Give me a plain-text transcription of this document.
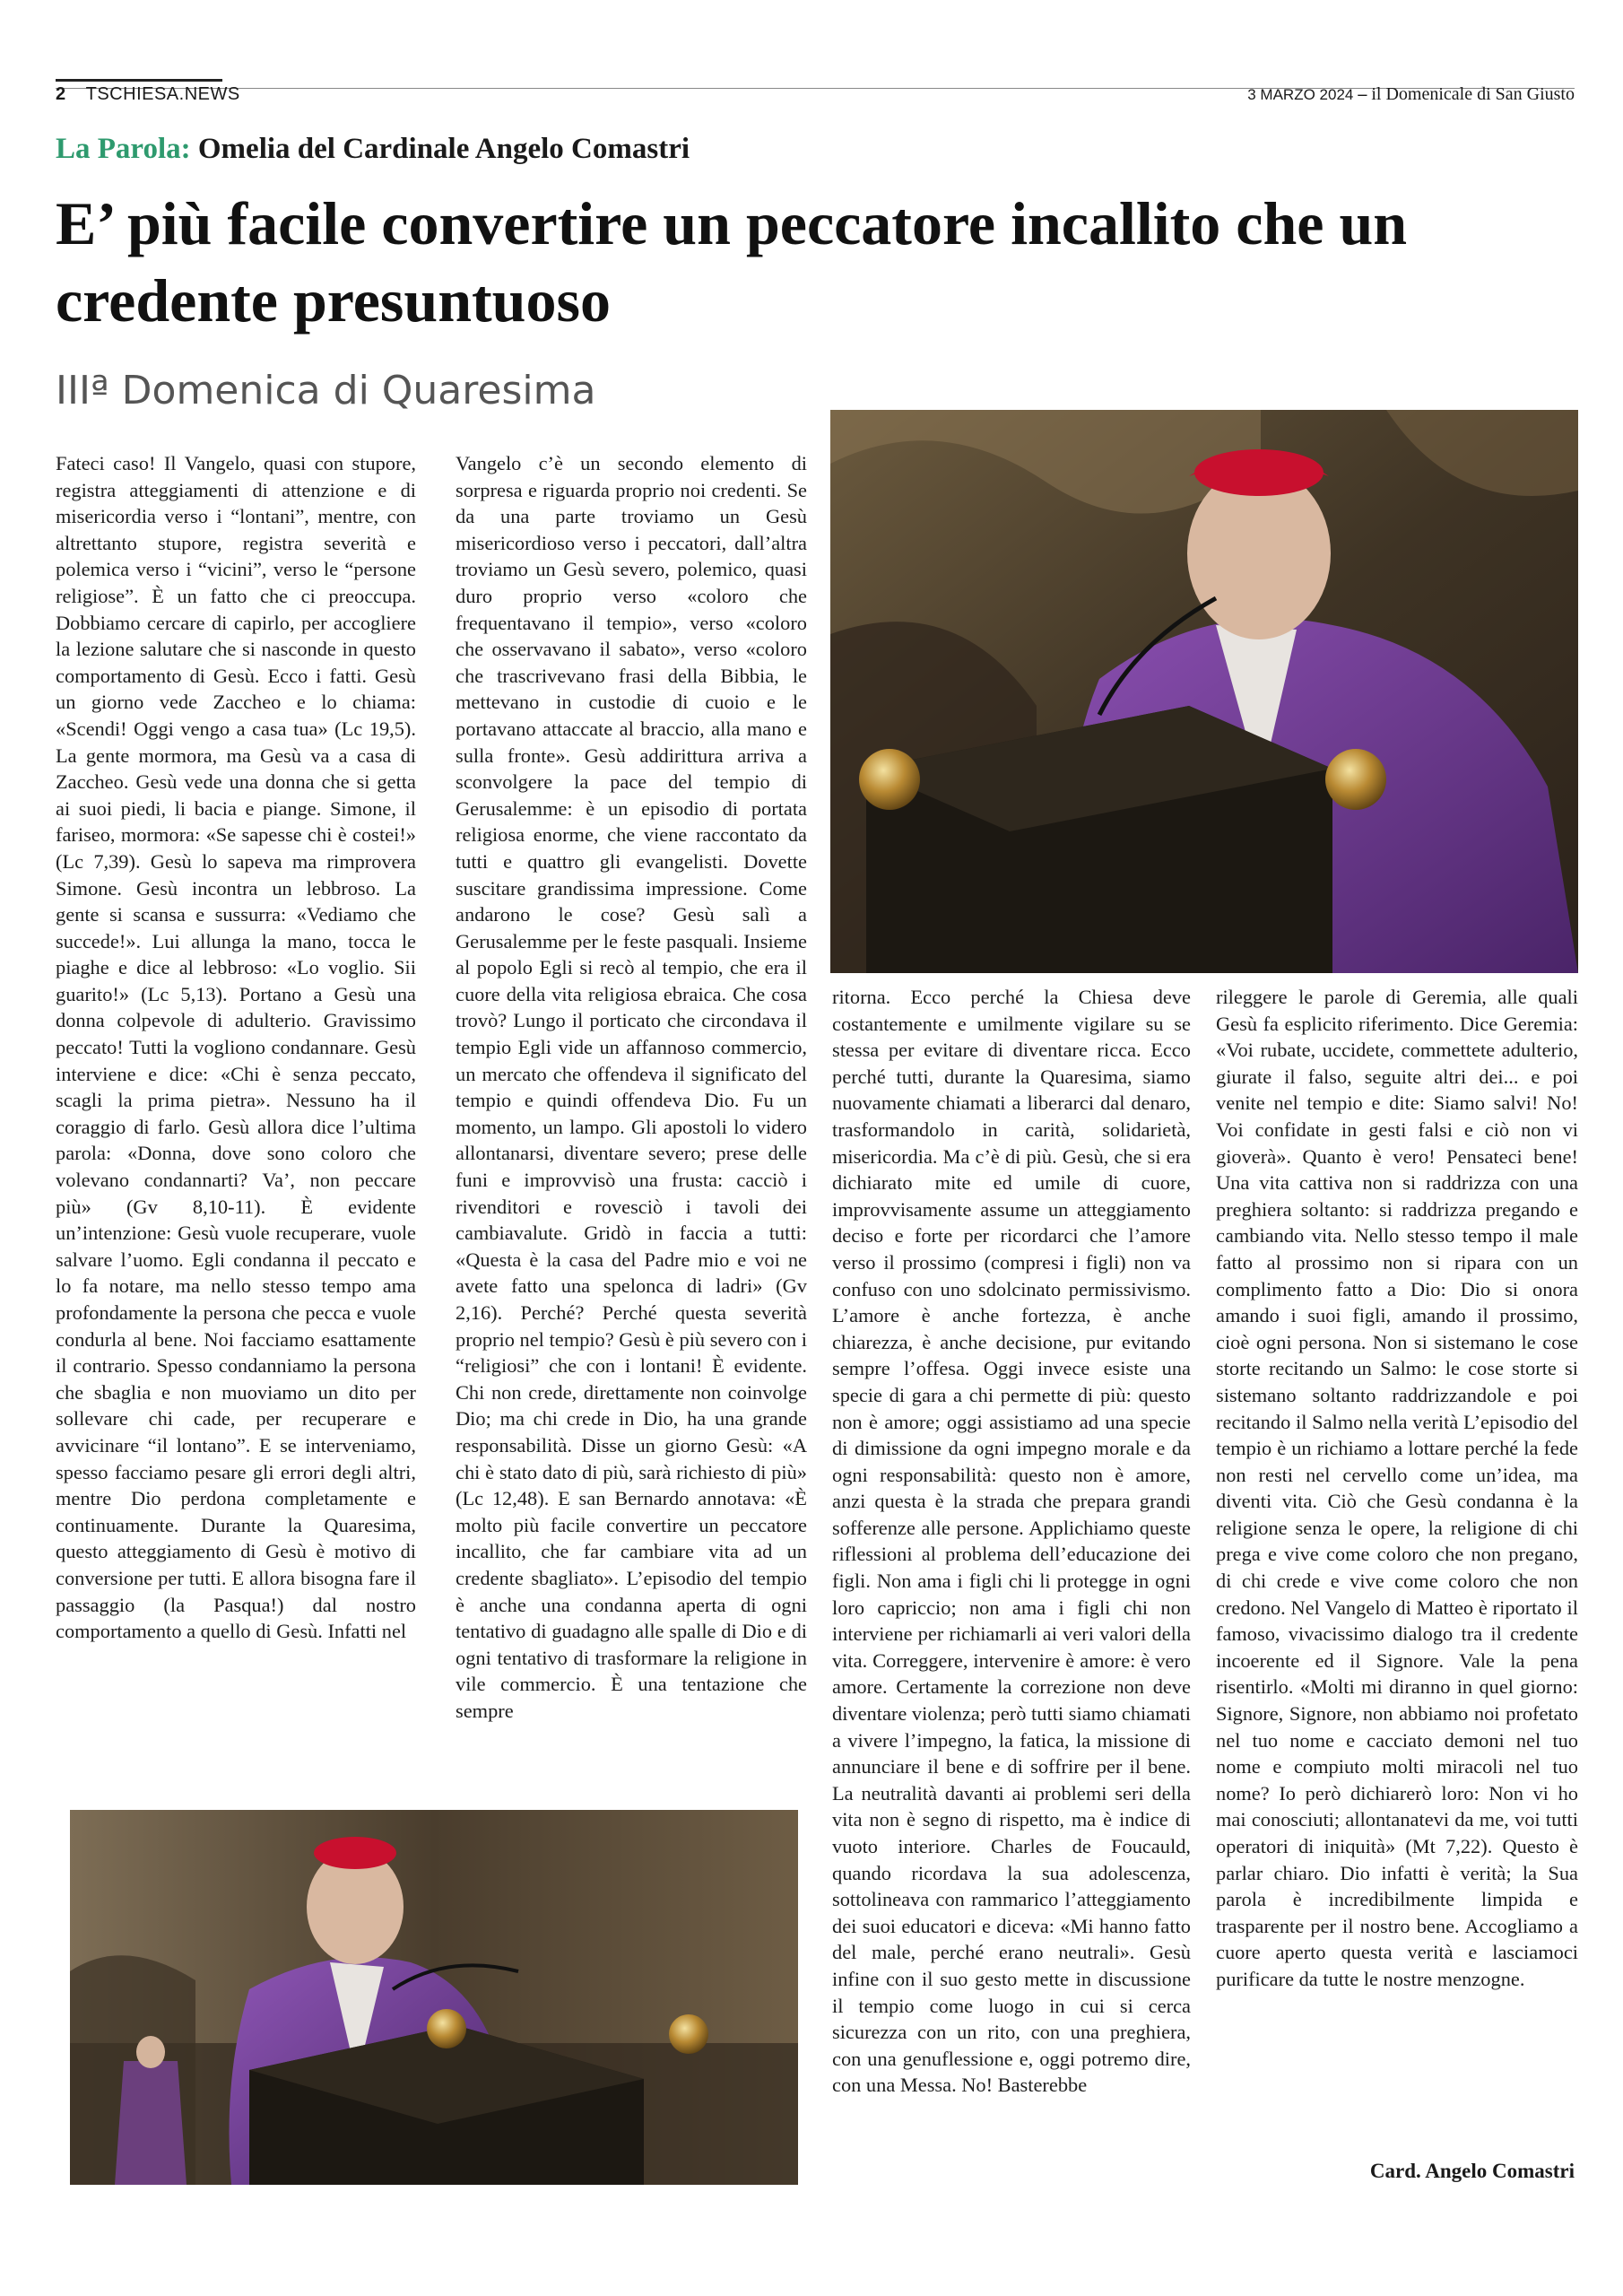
2 TSCHIESA.NEWS	3 MARZO 2024 – il Domenicale di San Giusto
La Parola: Omelia del Cardinale Angelo Comastri
E’ più facile convertire un peccatore incallito che un credente presuntuoso
IIIª Domenica di Quaresima

Fateci caso! Il Vangelo, quasi con stupore, registra atteggiamenti di attenzione e di misericordia verso i “lontani”, mentre, con altrettanto stupore, registra severità e polemica verso i “vicini”, verso le “persone religiose”. È un fatto che ci preoccupa. Dobbiamo cercare di capirlo, per accogliere la lezione salutare che si nasconde in questo comportamento di Gesù. Ecco i fatti. Gesù un giorno vede Zaccheo e lo chiama: «Scendi! Oggi vengo a casa tua» (Lc 19,5). La gente mormora, ma Gesù va a casa di Zaccheo. Gesù vede una donna che si getta ai suoi piedi, li bacia e piange. Simone, il fariseo, mormora: «Se sapesse chi è costei!» (Lc 7,39). Gesù lo sapeva ma rimprovera Simone. Gesù incontra un lebbroso. La gente si scansa e sussurra: «Vediamo che succede!». Lui allunga la mano, tocca le piaghe e dice al lebbroso: «Lo voglio. Sii guarito!» (Lc 5,13). Portano a Gesù una donna colpevole di adulterio. Gravissimo peccato! Tutti la vogliono condannare. Gesù interviene e dice: «Chi è senza peccato, scagli la prima pietra». Nessuno ha il coraggio di farlo. Gesù allora dice l’ultima parola: «Donna, dove sono coloro che volevano condannarti? Va’, non peccare più» (Gv 8,10-11). È evidente un’intenzione: Gesù vuole recuperare, vuole salvare l’uomo. Egli condanna il peccato e lo fa notare, ma nello stesso tempo ama profondamente la persona che pecca e vuole condurla al bene. Noi facciamo esattamente il contrario. Spesso condanniamo la persona che sbaglia e non muoviamo un dito per sollevare chi cade, per recuperare e avvicinare “il lontano”. E se interveniamo, spesso facciamo pesare gli errori degli altri, mentre Dio perdona completamente e continuamente. Durante la Quaresima, questo atteggiamento di Gesù è motivo di conversione per tutti. E allora bisogna fare il passaggio (la Pasqua!) dal nostro comportamento a quello di Gesù. Infatti nel

Vangelo c’è un secondo elemento di sorpresa e riguarda proprio noi credenti. Se da una parte troviamo un Gesù misericordioso verso i peccatori, dall’altra troviamo un Gesù severo, polemico, quasi duro proprio verso «coloro che frequentavano il tempio», verso «coloro che osservavano il sabato», verso «coloro che trascrivevano frasi della Bibbia, le mettevano in custodie di cuoio e le portavano attaccate al braccio, alla mano e sulla fronte». Gesù addirittura arriva a sconvolgere la pace del tempio di Gerusalemme: è un episodio di portata religiosa enorme, che viene raccontato da tutti e quattro gli evangelisti. Dovette suscitare grandissima impressione. Come andarono le cose? Gesù salì a Gerusalemme per le feste pasquali. Insieme al popolo Egli si recò al tempio, che era il cuore della vita religiosa ebraica. Che cosa trovò? Lungo il porticato che circondava il tempio Egli vide un affannoso commercio, un mercato che offendeva il significato del tempio e quindi offendeva Dio. Fu un momento, un lampo. Gli apostoli lo videro allontanarsi, diventare severo; prese delle funi e improvvisò una frusta: cacciò i rivenditori e rovesciò i tavoli dei cambiavalute. Gridò in faccia a tutti: «Questa è la casa del Padre mio e voi ne avete fatto una spelonca di ladri» (Gv 2,16). Perché? Perché questa severità proprio nel tempio? Gesù è più severo con i “religiosi” che con i lontani! È evidente. Chi non crede, direttamente non coinvolge Dio; ma chi crede in Dio, ha una grande responsabilità. Disse un giorno Gesù: «A chi è stato dato di più, sarà richiesto di più» (Lc 12,48). E san Bernardo annotava: «È molto più facile convertire un peccatore incallito, che far cambiare vita ad un credente sbagliato». L’episodio del tempio è anche una condanna aperta di ogni tentativo di guadagno alle spalle di Dio e di ogni tentativo di trasformare la religione in vile commercio. È una tentazione che sempre

ritorna. Ecco perché la Chiesa deve costantemente e umilmente vigilare su se stessa per evitare di diventare ricca. Ecco perché tutti, durante la Quaresima, siamo nuovamente chiamati a liberarci dal denaro, trasformandolo in carità, solidarietà, misericordia. Ma c’è di più. Gesù, che si era dichiarato mite ed umile di cuore, improvvisamente assume un atteggiamento deciso e forte per ricordarci che l’amore verso il prossimo (compresi i figli) non va confuso con uno sdolcinato permissivismo. L’amore è anche fortezza, è anche chiarezza, è anche decisione, pur evitando sempre l’offesa. Oggi invece esiste una specie di gara a chi permette di più: questo non è amore; oggi assistiamo ad una specie di dimissione da ogni impegno morale e da ogni responsabilità: questo non è amore, anzi questa è la strada che prepara grandi sofferenze alle persone. Applichiamo queste riflessioni al problema dell’educazione dei figli. Non ama i figli chi li protegge in ogni loro capriccio; non ama i figli chi non interviene per richiamarli ai veri valori della vita. Correggere, intervenire è amore: è vero amore. Certamente la correzione non deve diventare violenza; però tutti siamo chiamati a vivere l’impegno, la fatica, la missione di annunciare il bene e di soffrire per il bene. La neutralità davanti ai problemi seri della vita non è segno di rispetto, ma è indice di vuoto interiore. Charles de Foucauld, quando ricordava la sua adolescenza, sottolineava con rammarico l’atteggiamento dei suoi educatori e diceva: «Mi hanno fatto del male, perché erano neutrali». Gesù infine con il suo gesto mette in discussione il tempio come luogo in cui si cerca sicurezza con un rito, con una preghiera, con una genuflessione e, oggi potremo dire, con una Messa. No! Basterebbe

rileggere le parole di Geremia, alle quali Gesù fa esplicito riferimento. Dice Geremia: «Voi rubate, uccidete, commettete adulterio, giurate il falso, seguite altri dei... e poi venite nel tempio e dite: Siamo salvi! No! Voi confidate in gesti falsi e ciò non vi gioverà». Quanto è vero! Pensateci bene! Una vita cattiva non si raddrizza con una preghiera soltanto: si raddrizza pregando e cambiando vita. Nello stesso tempo il male fatto al prossimo non si ripara con un complimento fatto a Dio: Dio si onora amando i suoi figli, amando il prossimo, cioè ogni persona. Non si sistemano le cose storte recitando un Salmo: le cose storte si sistemano soltanto raddrizzandole e poi recitando il Salmo nella verità L’episodio del tempio è un richiamo a lottare perché la fede non resti nel cervello come un’idea, ma diventi vita. Ciò che Gesù condanna è la religione senza le opere, la religione di chi prega e vive come coloro che non pregano, di chi crede e vive come coloro che non credono. Nel Vangelo di Matteo è riportato il famoso, vivacissimo dialogo tra il credente incoerente ed il Signore. Vale la pena risentirlo. «Molti mi diranno in quel giorno: Signore, Signore, non abbiamo noi profetato nel tuo nome e cacciato demoni nel tuo nome e compiuto molti miracoli nel tuo nome? Io però dichiarerò loro: Non vi ho mai conosciuti; allontanatevi da me, voi tutti operatori di iniquità» (Mt 7,22). Questo è parlar chiaro. Dio infatti è verità; la Sua parola è incredibilmente limpida e trasparente per il nostro bene. Accogliamo a cuore aperto questa verità e lasciamoci purificare da tutte le nostre menzogne.

Card. Angelo Comastri
